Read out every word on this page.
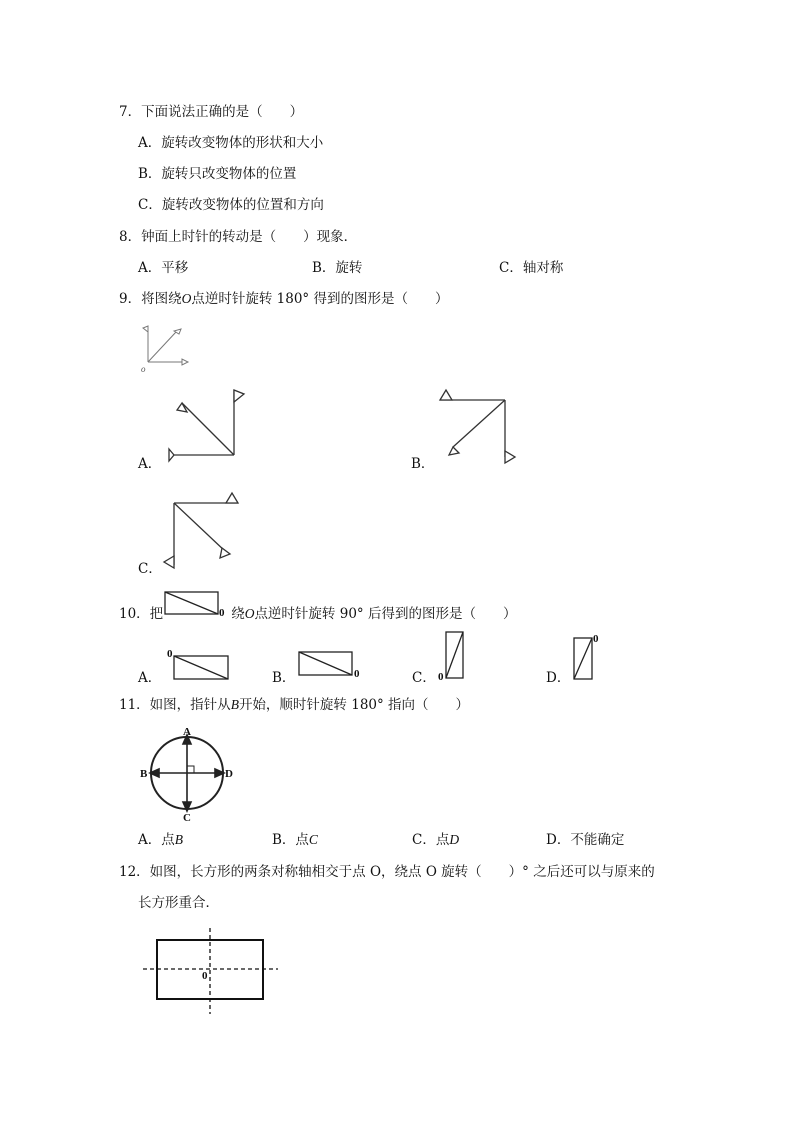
7．下面说法正确的是（　　）
A．旋转改变物体的形状和大小
B．旋转只改变物体的位置
C．旋转改变物体的位置和方向
8．钟面上时针的转动是（　　）现象．
A．平移	B．旋转	C．轴对称
9．将图绕O点逆时针旋转 180° 得到的图形是（　　）
o
A．	B．
C．
10．把	绕O点逆时针旋转 90° 后得到的图形是（　　）
0
A．
0
B．	0	C． 0	D．
0
11．如图，指针从B开始，顺时针旋转 180° 指向（　　）
A
B	D
C
A．点B	B．点C	C．点D	D．不能确定
12．如图，长方形的两条对称轴相交于点 O，绕点 O 旋转（　　）° 之后还可以与原来的
长方形重合．
0
